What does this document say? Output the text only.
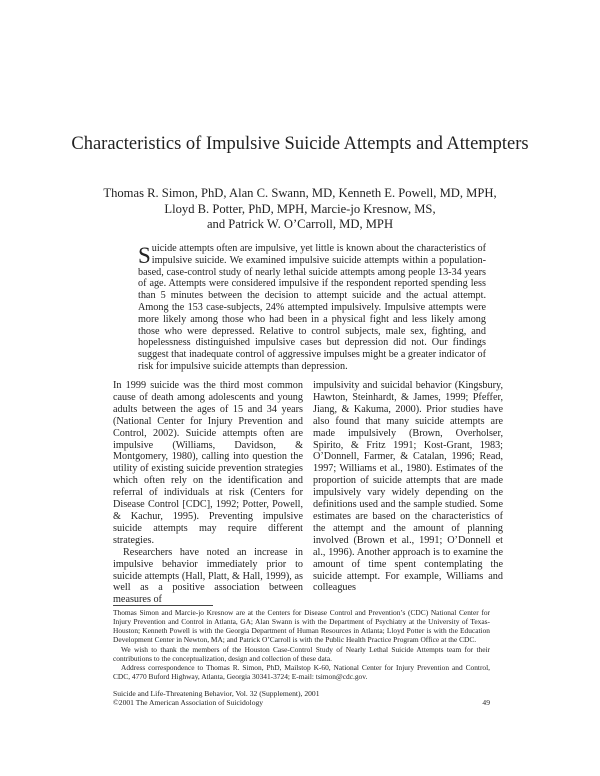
Characteristics of Impulsive Suicide Attempts and Attempters
Thomas R. Simon, PhD, Alan C. Swann, MD, Kenneth E. Powell, MD, MPH,
Lloyd B. Potter, PhD, MPH, Marcie-jo Kresnow, MS,
and Patrick W. O’Carroll, MD, MPH
Suicide attempts often are impulsive, yet little is known about the characteristics of impulsive suicide. We examined impulsive suicide attempts within a population-based, case-control study of nearly lethal suicide attempts among people 13-34 years of age. Attempts were considered impulsive if the respondent reported spending less than 5 minutes between the decision to attempt suicide and the actual attempt. Among the 153 case-subjects, 24% attempted impulsively. Impulsive attempts were more likely among those who had been in a physical fight and less likely among those who were depressed. Relative to control subjects, male sex, fighting, and hopelessness distinguished impulsive cases but depression did not. Our findings suggest that inadequate control of aggressive impulses might be a greater indicator of risk for impulsive suicide attempts than depression.

In 1999 suicide was the third most common cause of death among adolescents and young adults between the ages of 15 and 34 years (National Center for Injury Prevention and Control, 2002). Suicide attempts often are impulsive (Williams, Davidson, & Montgomery, 1980), calling into question the utility of existing suicide prevention strategies which often rely on the identification and referral of individuals at risk (Centers for Disease Control [CDC], 1992; Potter, Powell, & Kachur, 1995). Preventing impulsive suicide attempts may require different strategies.

Researchers have noted an increase in impulsive behavior immediately prior to suicide attempts (Hall, Platt, & Hall, 1999), as well as a positive association between measures of

impulsivity and suicidal behavior (Kingsbury, Hawton, Steinhardt, & James, 1999; Pfeffer, Jiang, & Kakuma, 2000). Prior studies have also found that many suicide attempts are made impulsively (Brown, Overholser, Spirito, & Fritz 1991; Kost-Grant, 1983; O’Donnell, Farmer, & Catalan, 1996; Read, 1997; Williams et al., 1980). Estimates of the proportion of suicide attempts that are made impulsively vary widely depending on the definitions used and the sample studied. Some estimates are based on the characteristics of the attempt and the amount of planning involved (Brown et al., 1991; O’Donnell et al., 1996). Another approach is to examine the amount of time spent contemplating the suicide attempt. For example, Williams and colleagues

Thomas Simon and Marcie-jo Kresnow are at the Centers for Disease Control and Prevention’s (CDC) National Center for Injury Prevention and Control in Atlanta, GA; Alan Swann is with the Department of Psychiatry at the University of Texas-Houston; Kenneth Powell is with the Georgia Department of Human Resources in Atlanta; Lloyd Potter is with the Education Development Center in Newton, MA; and Patrick O’Carroll is with the Public Health Practice Program Office at the CDC.

We wish to thank the members of the Houston Case-Control Study of Nearly Lethal Suicide Attempts team for their contributions to the conceptualization, design and collection of these data.

Address correspondence to Thomas R. Simon, PhD, Mailstop K-60, National Center for Injury Prevention and Control, CDC, 4770 Buford Highway, Atlanta, Georgia 30341-3724; E-mail: tsimon@cdc.gov.

Suicide and Life-Threatening Behavior, Vol. 32 (Supplement), 2001
©2001 The American Association of Suicidology	49
